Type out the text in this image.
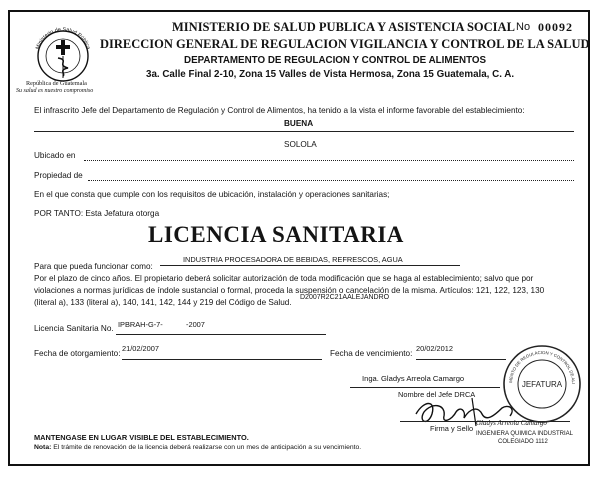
Ministerio de Salud Pública
República de Guatemala
Su salud es nuestro compromiso
MINISTERIO DE SALUD PUBLICA Y ASISTENCIA SOCIAL No 00092
DIRECCION GENERAL DE REGULACION VIGILANCIA Y CONTROL DE LA SALUD
DEPARTAMENTO DE REGULACION Y CONTROL DE ALIMENTOS
3a. Calle Final 2-10, Zona 15 Valles de Vista Hermosa, Zona 15 Guatemala, C. A.
El infrascrito Jefe del Departamento de Regulación y Control de Alimentos, ha tenido a la vista el informe favorable del establecimiento:
BUENA
Ubicado en
SOLOLA
Propiedad de
En el que consta que cumple con los requisitos de ubicación, instalación y operaciones sanitarias;
POR TANTO: Esta Jefatura otorga
LICENCIA SANITARIA
Para que pueda funcionar como:
INDUSTRIA PROCESADORA DE BEBIDAS, REFRESCOS, AGUA
Por el plazo de cinco años. El propietario deberá solicitar autorización de toda modificación que se haga al establecimiento; salvo que por
violaciones a normas jurídicas de índole sustancial o formal, proceda la suspensión o cancelación de la misma. Artículos: 121, 122, 123, 130
(literal a), 133 (literal a), 140, 141, 142, 144 y 219 del Código de Salud.
D2007R2C21AALEJANDRO
Licencia Sanitaria No. IPBRAH-G-7-	-2007
Fecha de otorgamiento:
21/02/2007
Fecha de vencimiento:
20/02/2012
Inga. Gladys Arreola Camargo
Nombre del Jefe DRCA
Firma y Sello
Gladys Arreola Camargo
INGENIERA QUIMICA INDUSTRIAL
COLEGIADO 1112
MENTO DE REGULACION Y CONTROL DE ALI
JEFATURA
MANTENGASE EN LUGAR VISIBLE DEL ESTABLECIMIENTO.
Nota: El trámite de renovación de la licencia deberá realizarse con un mes de anticipación a su vencimiento.
